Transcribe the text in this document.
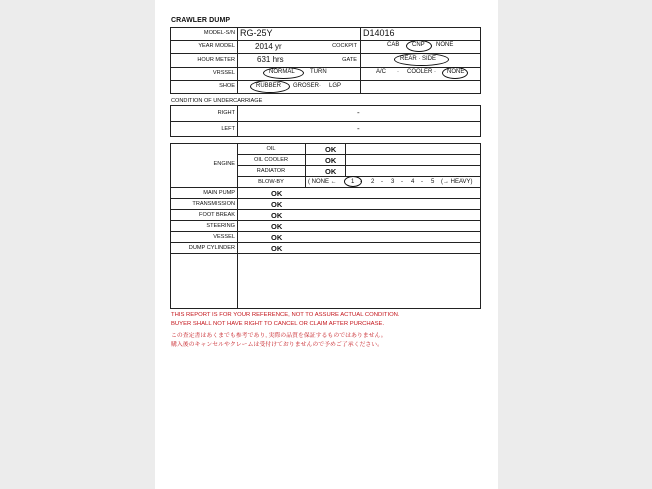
CRAWLER DUMP
MODEL-S/N RG-25Y	D14016
YEAR MODEL	2014 yr	COCKPIT	CAB CNP NONE
HOUR METER	631 hrs	GATE	REAR · SIDE
VRSSEL	NORMAL	TURN	A/C · COOLER · NONE
SHOE	RUBBER GROSER · LGP
CONDITION OF UNDERCARRIAGE
RIGHT	-
LEFT	-
ENGINE
OIL	OK
OIL COOLER	OK
RADIATOR	OK
BLOW-BY	( NONE ← 1 - 2 - 3 - 4 - 5 (→ HEAVY)
MAIN PUMP	OK
TRANSMISSION	OK
FOOT BREAK	OK
STEERING	OK
VESSEL	OK
DUMP CYLINDER	OK
THIS REPORT IS FOR YOUR REFERENCE, NOT TO ASSURE ACTUAL CONDITION.
BUYER SHALL NOT HAVE RIGHT TO CANCEL OR CLAIM AFTER PURCHASE.
この査定書はあくまでも参考であり, 実際の品質を保証するものではありません。
購入後のキャンセルやクレームは受付けておりませんので予めご了承ください。
